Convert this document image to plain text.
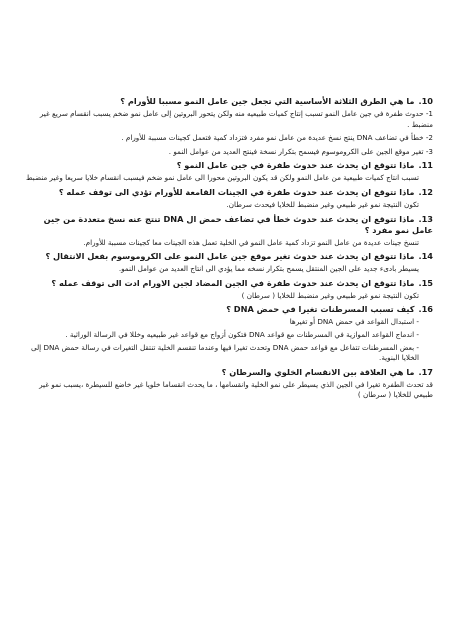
10.ما هي الطرق الثلاثة الأساسية التي تجعل جين عامل النمو مسببا للأورام ؟
1- حدوث طفرة في جين عامل النمو تسبب إنتاج كميات طبيعيه منه ولكن يتحور البروتين إلى عامل نمو ضخم يسبب انقسام سريع غير منضبط .
2- خطأ في تضاعف DNA ينتج نسخ عديدة من عامل نمو مفرد فتزداد كمية فتعمل كجينات مسببة للأورام .
3- تغير موقع الجين على الكروموسوم فيسمح بتكرار نسخة فينتج العديد من عوامل النمو .
11.ماذا تتوقع ان يحدث عند حدوث طفرة في جين عامل النمو ؟
تسبب انتاج كميات طبيعية من عامل النمو ولكن قد يكون البروتين محورا الى عامل نمو ضخم فيسبب انقسام خلايا سريعا وغير منضبط
12.ماذا تتوقع ان يحدث عند حدوث طفرة في الجينات القامعة للأورام تؤدي الى توقف عمله ؟
تكون النتيجة نمو غير طبيعي وغير منضبط للخلايا فيحدث سرطان.
13.ماذا تتوقع ان يحدث عند حدوث خطأ في تضاعف حمض ال DNA تنتج عنه نسخ متعددة من جين عامل نمو مفرد ؟
تنسخ جينات عديدة من عامل النمو تزداد كمية عامل النمو في الخلية تعمل هذه الجينات معا كجينات مسببة للأورام.
14.ماذا تتوقع ان يحدث عند حدوث تغير موقع جين عامل النمو على الكروموسوم بفعل الانتقال ؟
يسيطر بادىء جديد على الجين المنتقل يسمح بتكرار نسخه مما يؤدي الى انتاج العديد من عوامل النمو.
15.ماذا تتوقع ان يحدث عند حدوث طفرة في الجين المضاد لجين الاورام ادت الى توقف عمله ؟
تكون النتيجة نمو غير طبيعي وغير منضبط للخلايا ( سرطان )
16.كيف تسبب المسرطنات تغيرا في حمض DNA ؟
- استبدال القواعد في حمض DNA أو تغيرها
- اندماج القواعد الموازية في المسرطنات مع قواعد DNA فتكون أزواج مع قواعد غير طبيعيه وخللا في الرسالة الوراثية .
- بعض المسرطنات تتفاعل مع قواعد حمض DNA وتحدث تغيرا فيها وعندما تنقسم الخلية تنتقل التغيرات في رسالة حمض DNA إلى الخلايا البنوية.
17.ما هي العلاقة بين الانقسام الخلوي والسرطان ؟
قد تحدث الطفرة تغيرا في الجين الذي يسيطر على نمو الخلية وانقسامها ، ما يحدث انقساما خلويا غير خاضع للسيطرة ،يسبب نمو غير طبيعي للخلايا ( سرطان )
